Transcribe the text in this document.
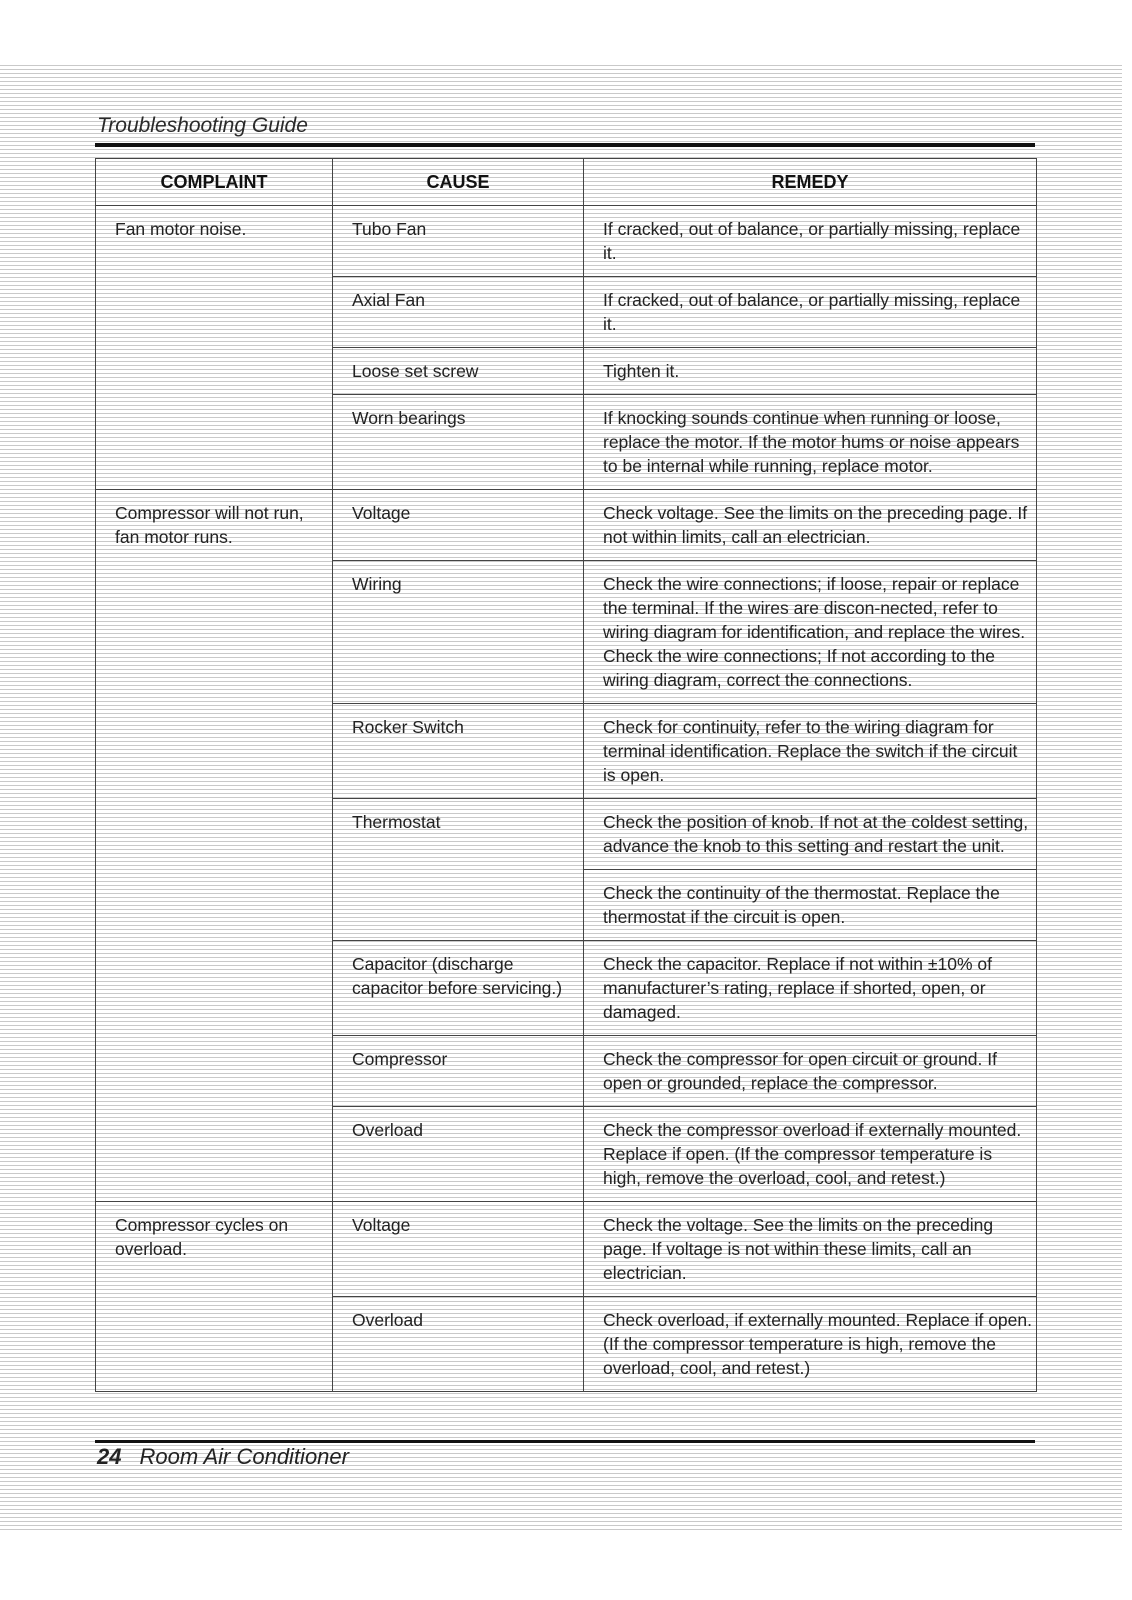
Troubleshooting Guide
COMPLAINT	CAUSE	REMEDY
Fan motor noise.	Tubo Fan	If cracked, out of balance, or partially missing, replace it.
	Axial Fan	If cracked, out of balance, or partially missing, replace it.
	Loose set screw	Tighten it.
	Worn bearings	If knocking sounds continue when running or loose, replace the motor. If the motor hums or noise appears to be internal while running, replace motor.
Compressor will not run, fan motor runs.	Voltage	Check voltage. See the limits on the preceding page. If not within limits, call an electrician.
	Wiring	Check the wire connections; if loose, repair or replace the terminal. If the wires are discon-nected, refer to wiring diagram for identification, and replace the wires. Check the wire connections; If not according to the wiring diagram, correct the connections.
	Rocker Switch	Check for continuity, refer to the wiring diagram for terminal identification. Replace the switch if the circuit is open.
	Thermostat	Check the position of knob. If not at the coldest setting, advance the knob to this setting and restart the unit.
		Check the continuity of the thermostat. Replace the thermostat if the circuit is open.
	Capacitor (discharge capacitor before servicing.)	Check the capacitor. Replace if not within ±10% of manufacturer’s rating, replace if shorted, open, or damaged.
	Compressor	Check the compressor for open circuit or ground. If open or grounded, replace the compressor.
	Overload	Check the compressor overload if externally mounted. Replace if open. (If the compressor temperature is high, remove the overload, cool, and retest.)
Compressor cycles on overload.	Voltage	Check the voltage. See the limits on the preceding page. If voltage is not within these limits, call an electrician.
	Overload	Check overload, if externally mounted. Replace if open. (If the compressor temperature is high, remove the overload, cool, and retest.)
24 Room Air Conditioner
